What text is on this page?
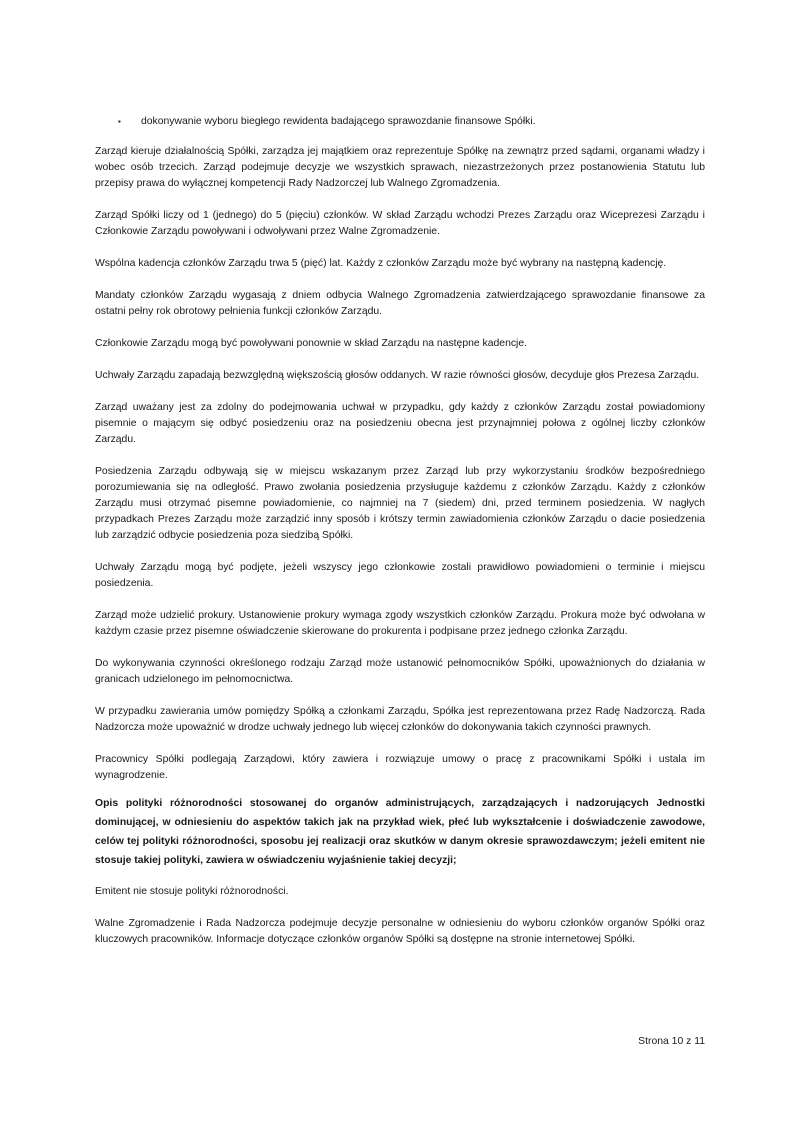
▪	dokonywanie wyboru biegłego rewidenta badającego sprawozdanie finansowe Spółki.

Zarząd kieruje działalnością Spółki, zarządza jej majątkiem oraz reprezentuje Spółkę na zewnątrz przed sądami, organami władzy i wobec osób trzecich. Zarząd podejmuje decyzje we wszystkich sprawach, niezastrzeżonych przez postanowienia Statutu lub przepisy prawa do wyłącznej kompetencji Rady Nadzorczej lub Walnego Zgromadzenia.

Zarząd Spółki liczy od 1 (jednego) do 5 (pięciu) członków. W skład Zarządu wchodzi Prezes Zarządu oraz Wiceprezesi Zarządu i Członkowie Zarządu powoływani i odwoływani przez Walne Zgromadzenie.

Wspólna kadencja członków Zarządu trwa 5 (pięć) lat. Każdy z członków Zarządu może być wybrany na następną kadencję.

Mandaty członków Zarządu wygasają z dniem odbycia Walnego Zgromadzenia zatwierdzającego sprawozdanie finansowe za ostatni pełny rok obrotowy pełnienia funkcji członków Zarządu.

Członkowie Zarządu mogą być powoływani ponownie w skład Zarządu na następne kadencje.

Uchwały Zarządu zapadają bezwzględną większością głosów oddanych. W razie równości głosów, decyduje głos Prezesa Zarządu.

Zarząd uważany jest za zdolny do podejmowania uchwał w przypadku, gdy każdy z członków Zarządu został powiadomiony pisemnie o mającym się odbyć posiedzeniu oraz na posiedzeniu obecna jest przynajmniej połowa z ogólnej liczby członków Zarządu.

Posiedzenia Zarządu odbywają się w miejscu wskazanym przez Zarząd lub przy wykorzystaniu środków bezpośredniego porozumiewania się na odległość. Prawo zwołania posiedzenia przysługuje każdemu z członków Zarządu. Każdy z członków Zarządu musi otrzymać pisemne powiadomienie, co najmniej na 7 (siedem) dni, przed terminem posiedzenia. W nagłych przypadkach Prezes Zarządu może zarządzić inny sposób i krótszy termin zawiadomienia członków Zarządu o dacie posiedzenia lub zarządzić odbycie posiedzenia poza siedzibą Spółki.

Uchwały Zarządu mogą być podjęte, jeżeli wszyscy jego członkowie zostali prawidłowo powiadomieni o terminie i miejscu posiedzenia.

Zarząd może udzielić prokury. Ustanowienie prokury wymaga zgody wszystkich członków Zarządu. Prokura może być odwołana w każdym czasie przez pisemne oświadczenie skierowane do prokurenta i podpisane przez jednego członka Zarządu.

Do wykonywania czynności określonego rodzaju Zarząd może ustanowić pełnomocników Spółki, upoważnionych do działania w granicach udzielonego im pełnomocnictwa.

W przypadku zawierania umów pomiędzy Spółką a członkami Zarządu, Spółka jest reprezentowana przez Radę Nadzorczą. Rada Nadzorcza może upoważnić w drodze uchwały jednego lub więcej członków do dokonywania takich czynności prawnych.

Pracownicy Spółki podlegają Zarządowi, który zawiera i rozwiązuje umowy o pracę z pracownikami Spółki i ustala im wynagrodzenie.

Opis polityki różnorodności stosowanej do organów administrujących, zarządzających i nadzorujących Jednostki dominującej, w odniesieniu do aspektów takich jak na przykład wiek, płeć lub wykształcenie i doświadczenie zawodowe, celów tej polityki różnorodności, sposobu jej realizacji oraz skutków w danym okresie sprawozdawczym; jeżeli emitent nie stosuje takiej polityki, zawiera w oświadczeniu wyjaśnienie takiej decyzji;

Emitent nie stosuje polityki różnorodności.

Walne Zgromadzenie i Rada Nadzorcza podejmuje decyzje personalne w odniesieniu do wyboru członków organów Spółki oraz kluczowych pracowników. Informacje dotyczące członków organów Spółki są dostępne na stronie internetowej Spółki.

Strona 10 z 11
